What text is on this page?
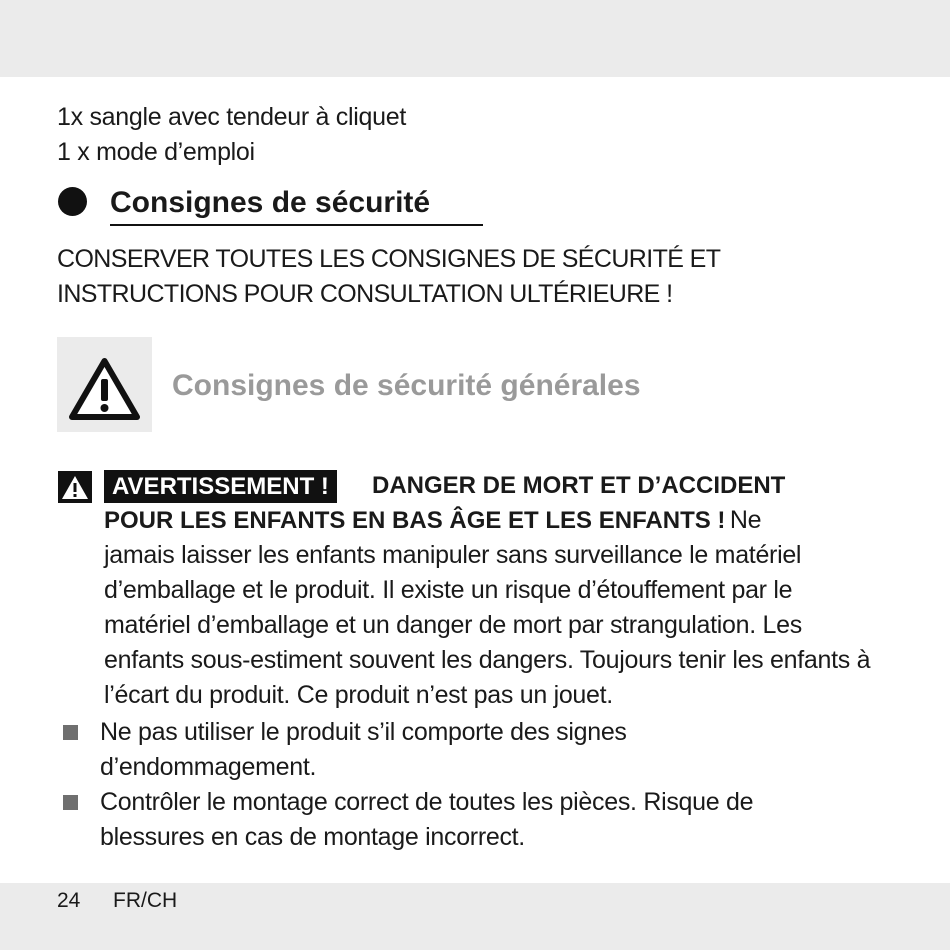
1x sangle avec tendeur à cliquet
1 x mode d’emploi
Consignes de sécurité
CONSERVER TOUTES LES CONSIGNES DE SÉCURITÉ ET
INSTRUCTIONS POUR CONSULTATION ULTÉRIEURE !
Consignes de sécurité générales
AVERTISSEMENT !	DANGER DE MORT ET D’ACCIDENT
POUR LES ENFANTS EN BAS ÂGE ET LES ENFANTS ! Ne
jamais laisser les enfants manipuler sans surveillance le matériel
d’emballage et le produit. Il existe un risque d’étouffement par le
matériel d’emballage et un danger de mort par strangulation. Les
enfants sous-estiment souvent les dangers. Toujours tenir les enfants à
l’écart du produit. Ce produit n’est pas un jouet.
Ne pas utiliser le produit s’il comporte des signes
d’endommagement.
Contrôler le montage correct de toutes les pièces. Risque de
blessures en cas de montage incorrect.
24 FR/CH
